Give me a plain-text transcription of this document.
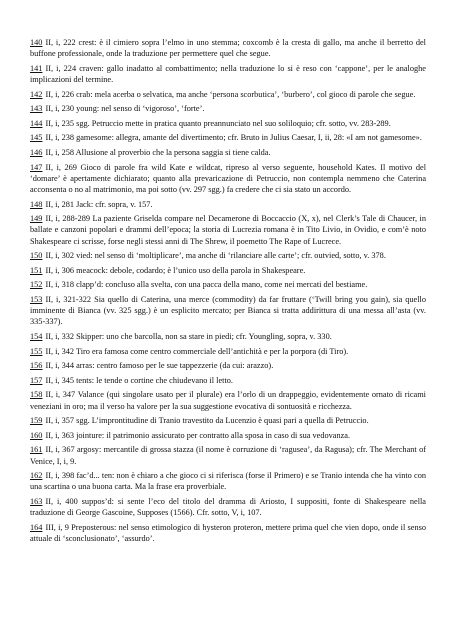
140 II, i, 222 crest: è il cimiero sopra l’elmo in uno stemma; coxcomb è la cresta di gallo, ma anche il berretto del buffone professionale, onde la traduzione per permettere quel che segue.

141 II, i, 224 craven: gallo inadatto al combattimento; nella traduzione lo si è reso con ‘cappone’, per le analoghe implicazioni del termine.

142 II, i, 226 crab: mela acerba o selvatica, ma anche ‘persona scorbutica’, ‘burbero’, col gioco di parole che segue.

143 II, i, 230 young: nel senso di ‘vigoroso’, ‘forte’.

144 II, i, 235 sgg. Petruccio mette in pratica quanto preannunciato nel suo soliloquio; cfr. sotto, vv. 283-289.

145 II, i, 238 gamesome: allegra, amante del divertimento; cfr. Bruto in Julius Caesar, I, ii, 28: «I am not gamesome».

146 II, i, 258 Allusione al proverbio che la persona saggia si tiene calda.

147 II, i, 269 Gioco di parole fra wild Kate e wildcat, ripreso al verso seguente, household Kates. Il motivo del ‘domare’ è apertamente dichiarato; quanto alla prevaricazione di Petruccio, non contempla nemmeno che Caterina acconsenta o no al matrimonio, ma poi sotto (vv. 297 sgg.) fa credere che ci sia stato un accordo.

148 II, i, 281 Jack: cfr. sopra, v. 157.

149 II, i, 288-289 La paziente Griselda compare nel Decamerone di Boccaccio (X, x), nel Clerk’s Tale di Chaucer, in ballate e canzoni popolari e drammi dell’epoca; la storia di Lucrezia romana è in Tito Livio, in Ovidio, e com’è noto Shakespeare ci scrisse, forse negli stessi anni di The Shrew, il poemetto The Rape of Lucrece.

150 II, i, 302 vied: nel senso di ‘moltiplicare’, ma anche di ‘rilanciare alle carte’; cfr. outvied, sotto, v. 378.

151 II, i, 306 meacock: debole, codardo; è l’unico uso della parola in Shakespeare.

152 II, i, 318 clapp’d: concluso alla svelta, con una pacca della mano, come nei mercati del bestiame.

153 II, i, 321-322 Sia quello di Caterina, una merce (commodity) da far fruttare (‘Twill bring you gain), sia quello imminente di Bianca (vv. 325 sgg.) è un esplicito mercato; per Bianca si tratta addirittura di una messa all’asta (vv. 335-337).

154 II, i, 332 Skipper: uno che barcolla, non sa stare in piedi; cfr. Youngling, sopra, v. 330.

155 II, i, 342 Tiro era famosa come centro commerciale dell’antichità e per la porpora (di Tiro).

156 II, i, 344 arras: centro famoso per le sue tappezzerie (da cui: arazzo).

157 II, i, 345 tents: le tende o cortine che chiudevano il letto.

158 II, i, 347 Valance (qui singolare usato per il plurale) era l’orlo di un drappeggio, evidentemente ornato di ricami veneziani in oro; ma il verso ha valore per la sua suggestione evocativa di sontuosità e ricchezza.

159 II, i, 357 sgg. L’improntitudine di Tranio travestito da Lucenzio è quasi pari a quella di Petruccio.

160 II, i, 363 jointure: il patrimonio assicurato per contratto alla sposa in caso di sua vedovanza.

161 II, i, 367 argosy: mercantile di grossa stazza (il nome è corruzione di ‘ragusea’, da Ragusa); cfr. The Merchant of Venice, I, i, 9.

162 II, i, 398 fac’d... ten: non è chiaro a che gioco ci si riferisca (forse il Primero) e se Tranio intenda che ha vinto con una scartina o una buona carta. Ma la frase era proverbiale.

163 II, i, 400 suppos’d: si sente l’eco del titolo del dramma di Ariosto, I suppositi, fonte di Shakespeare nella traduzione di George Gascoine, Supposes (1566). Cfr. sotto, V, i, 107.

164 III, i, 9 Preposterous: nel senso etimologico di hysteron proteron, mettere prima quel che vien dopo, onde il senso attuale di ‘sconclusionato’, ‘assurdo’.
